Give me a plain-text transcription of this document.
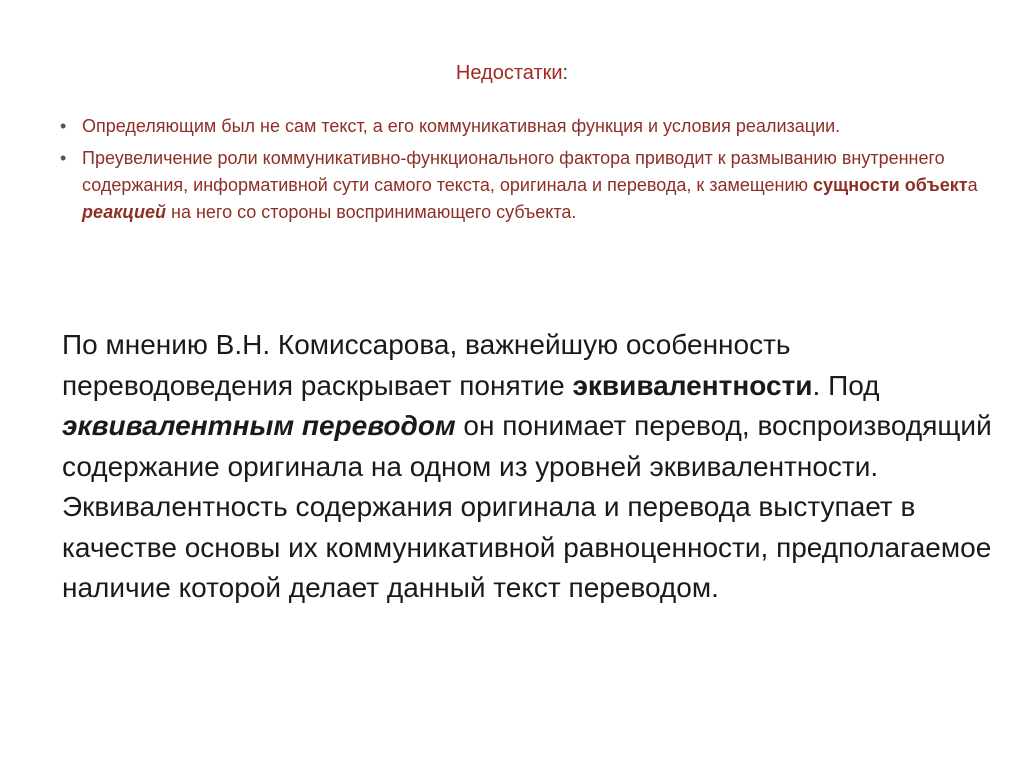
Недостатки:
• Определяющим был не сам текст, а его коммуникативная функция и условия реализации.
• Преувеличение роли коммуникативно-функционального фактора приводит к размыванию внутреннего содержания, информативной сути самого текста, оригинала и перевода, к замещению сущности объекта реакцией на него со стороны воспринимающего субъекта.

По мнению В.Н. Комиссарова, важнейшую особенность переводоведения раскрывает понятие эквивалентности. Под эквивалентным переводом он понимает перевод, воспроизводящий содержание оригинала на одном из уровней эквивалентности. Эквивалентность содержания оригинала и перевода выступает в качестве основы их коммуникативной равноценности, предполагаемое наличие которой делает данный текст переводом.
